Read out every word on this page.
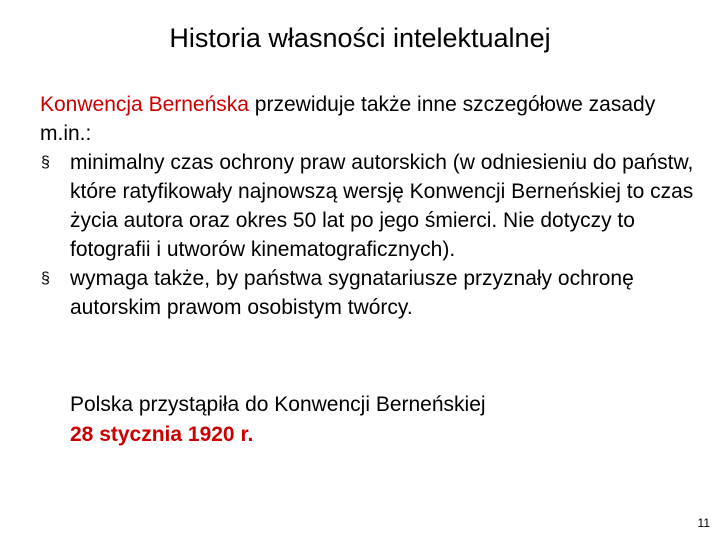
Historia własności intelektualnej

Konwencja Berneńska przewiduje także inne szczegółowe zasady m.in.:

§ minimalny czas ochrony praw autorskich (w odniesieniu do państw, które ratyfikowały najnowszą wersję Konwencji Berneńskiej to czas życia autora oraz okres 50 lat po jego śmierci. Nie dotyczy to fotografii i utworów kinematograficznych).
§ wymaga także, by państwa sygnatariusze przyznały ochronę autorskim prawom osobistym twórcy.

Polska przystąpiła do Konwencji Berneńskiej

28 stycznia 1920 r.

11
